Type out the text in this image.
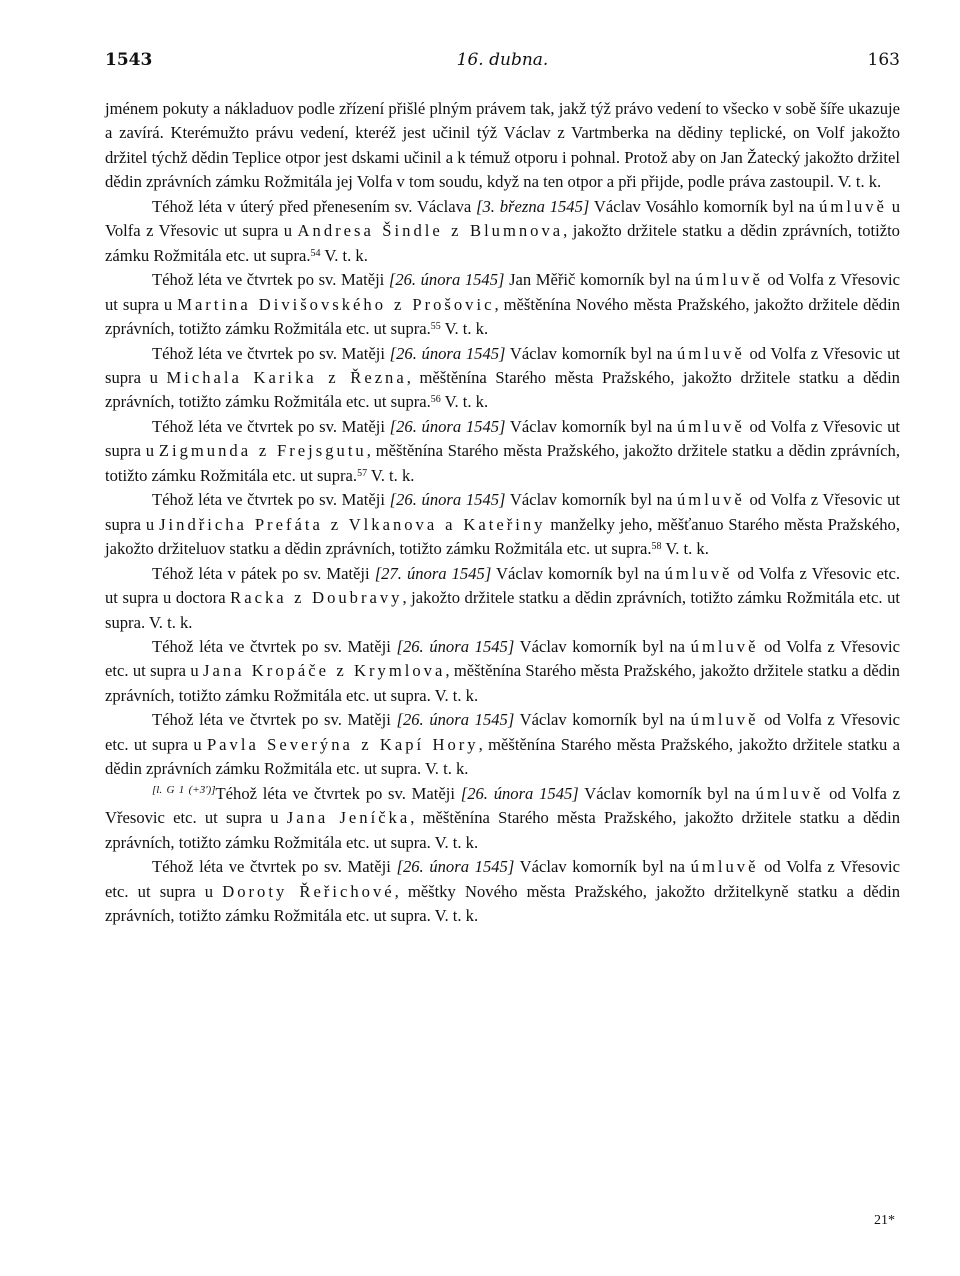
1543	16. dubna.	163

jménem pokuty a nákladuov podle zřízení přišlé plným právem tak, jakž týž právo vedení to všecko v sobě šíře ukazuje a zavírá. Kterémužto právu vedení, kteréž jest učinil týž Václav z Vartmberka na dědiny teplické, on Volf jakožto držitel týchž dědin Teplice otpor jest dskami učinil a k témuž otporu i pohnal. Protož aby on Jan Žatecký jakožto držitel dědin zprávních zámku Rožmitála jej Volfa v tom soudu, když na ten otpor a při přijde, podle práva zastoupil. V. t. k.

Téhož léta v úterý před přenesením sv. Václava [3. března 1545] Václav Vosáhlo komorník byl na úmluvě u Volfa z Vřesovic ut supra u Andresa Šindle z Blumnova, jakožto držitele statku a dědin zprávních, totižto zámku Rožmitála etc. ut supra.$^{54}$ V. t. k.

Téhož léta ve čtvrtek po sv. Matěji [26. února 1545] Jan Měřič komorník byl na úmluvě od Volfa z Vřesovic ut supra u Martina Divišovského z Prošovic, měštěnína Nového města Pražského, jakožto držitele dědin zprávních, totižto zámku Rožmitála etc. ut supra.$^{55}$ V. t. k.

Téhož léta ve čtvrtek po sv. Matěji [26. února 1545] Václav komorník byl na úmluvě od Volfa z Vřesovic ut supra u Michala Karika z Řezna, měštěnína Starého města Pražského, jakožto držitele statku a dědin zprávních, totižto zámku Rožmitála etc. ut supra.$^{56}$ V. t. k.

Téhož léta ve čtvrtek po sv. Matěji [26. února 1545] Václav komorník byl na úmluvě od Volfa z Vřesovic ut supra u Zigmunda z Frejsgutu, měštěnína Starého města Pražského, jakožto držitele statku a dědin zprávních, totižto zámku Rožmitála etc. ut supra.$^{57}$ V. t. k.

Téhož léta ve čtvrtek po sv. Matěji [26. února 1545] Václav komorník byl na úmluvě od Volfa z Vřesovic ut supra u Jindřicha Prefáta z Vlkanova a Kateřiny manželky jeho, měšťanuo Starého města Pražského, jakožto držiteluov statku a dědin zprávních, totižto zámku Rožmitála etc. ut supra.$^{58}$ V. t. k.

Téhož léta v pátek po sv. Matěji [27. února 1545] Václav komorník byl na úmluvě od Volfa z Vřesovic etc. ut supra u doctora Racka z Doubravy, jakožto držitele statku a dědin zprávních, totižto zámku Rožmitála etc. ut supra. V. t. k.

Téhož léta ve čtvrtek po sv. Matěji [26. února 1545] Václav komorník byl na úmluvě od Volfa z Vřesovic etc. ut supra u Jana Kropáče z Krymlova, měštěnína Starého města Pražského, jakožto držitele statku a dědin zprávních, totižto zámku Rožmitála etc. ut supra. V. t. k.

Téhož léta ve čtvrtek po sv. Matěji [26. února 1545] Václav komorník byl na úmluvě od Volfa z Vřesovic etc. ut supra u Pavla Severýna z Kapí Hory, měštěnína Starého města Pražského, jakožto držitele statku a dědin zprávních zámku Rožmitála etc. ut supra. V. t. k.

[l. G 1 (+3')]Téhož léta ve čtvrtek po sv. Matěji [26. února 1545] Václav komorník byl na úmluvě od Volfa z Vřesovic etc. ut supra u Jana Jeníčka, měštěnína Starého města Pražského, jakožto držitele statku a dědin zprávních, totižto zámku Rožmitála etc. ut supra. V. t. k.

Téhož léta ve čtvrtek po sv. Matěji [26. února 1545] Václav komorník byl na úmluvě od Volfa z Vřesovic etc. ut supra u Doroty Řeřichové, měštky Nového města Pražského, jakožto držitelkyně statku a dědin zprávních, totižto zámku Rožmitála etc. ut supra. V. t. k.

21*
